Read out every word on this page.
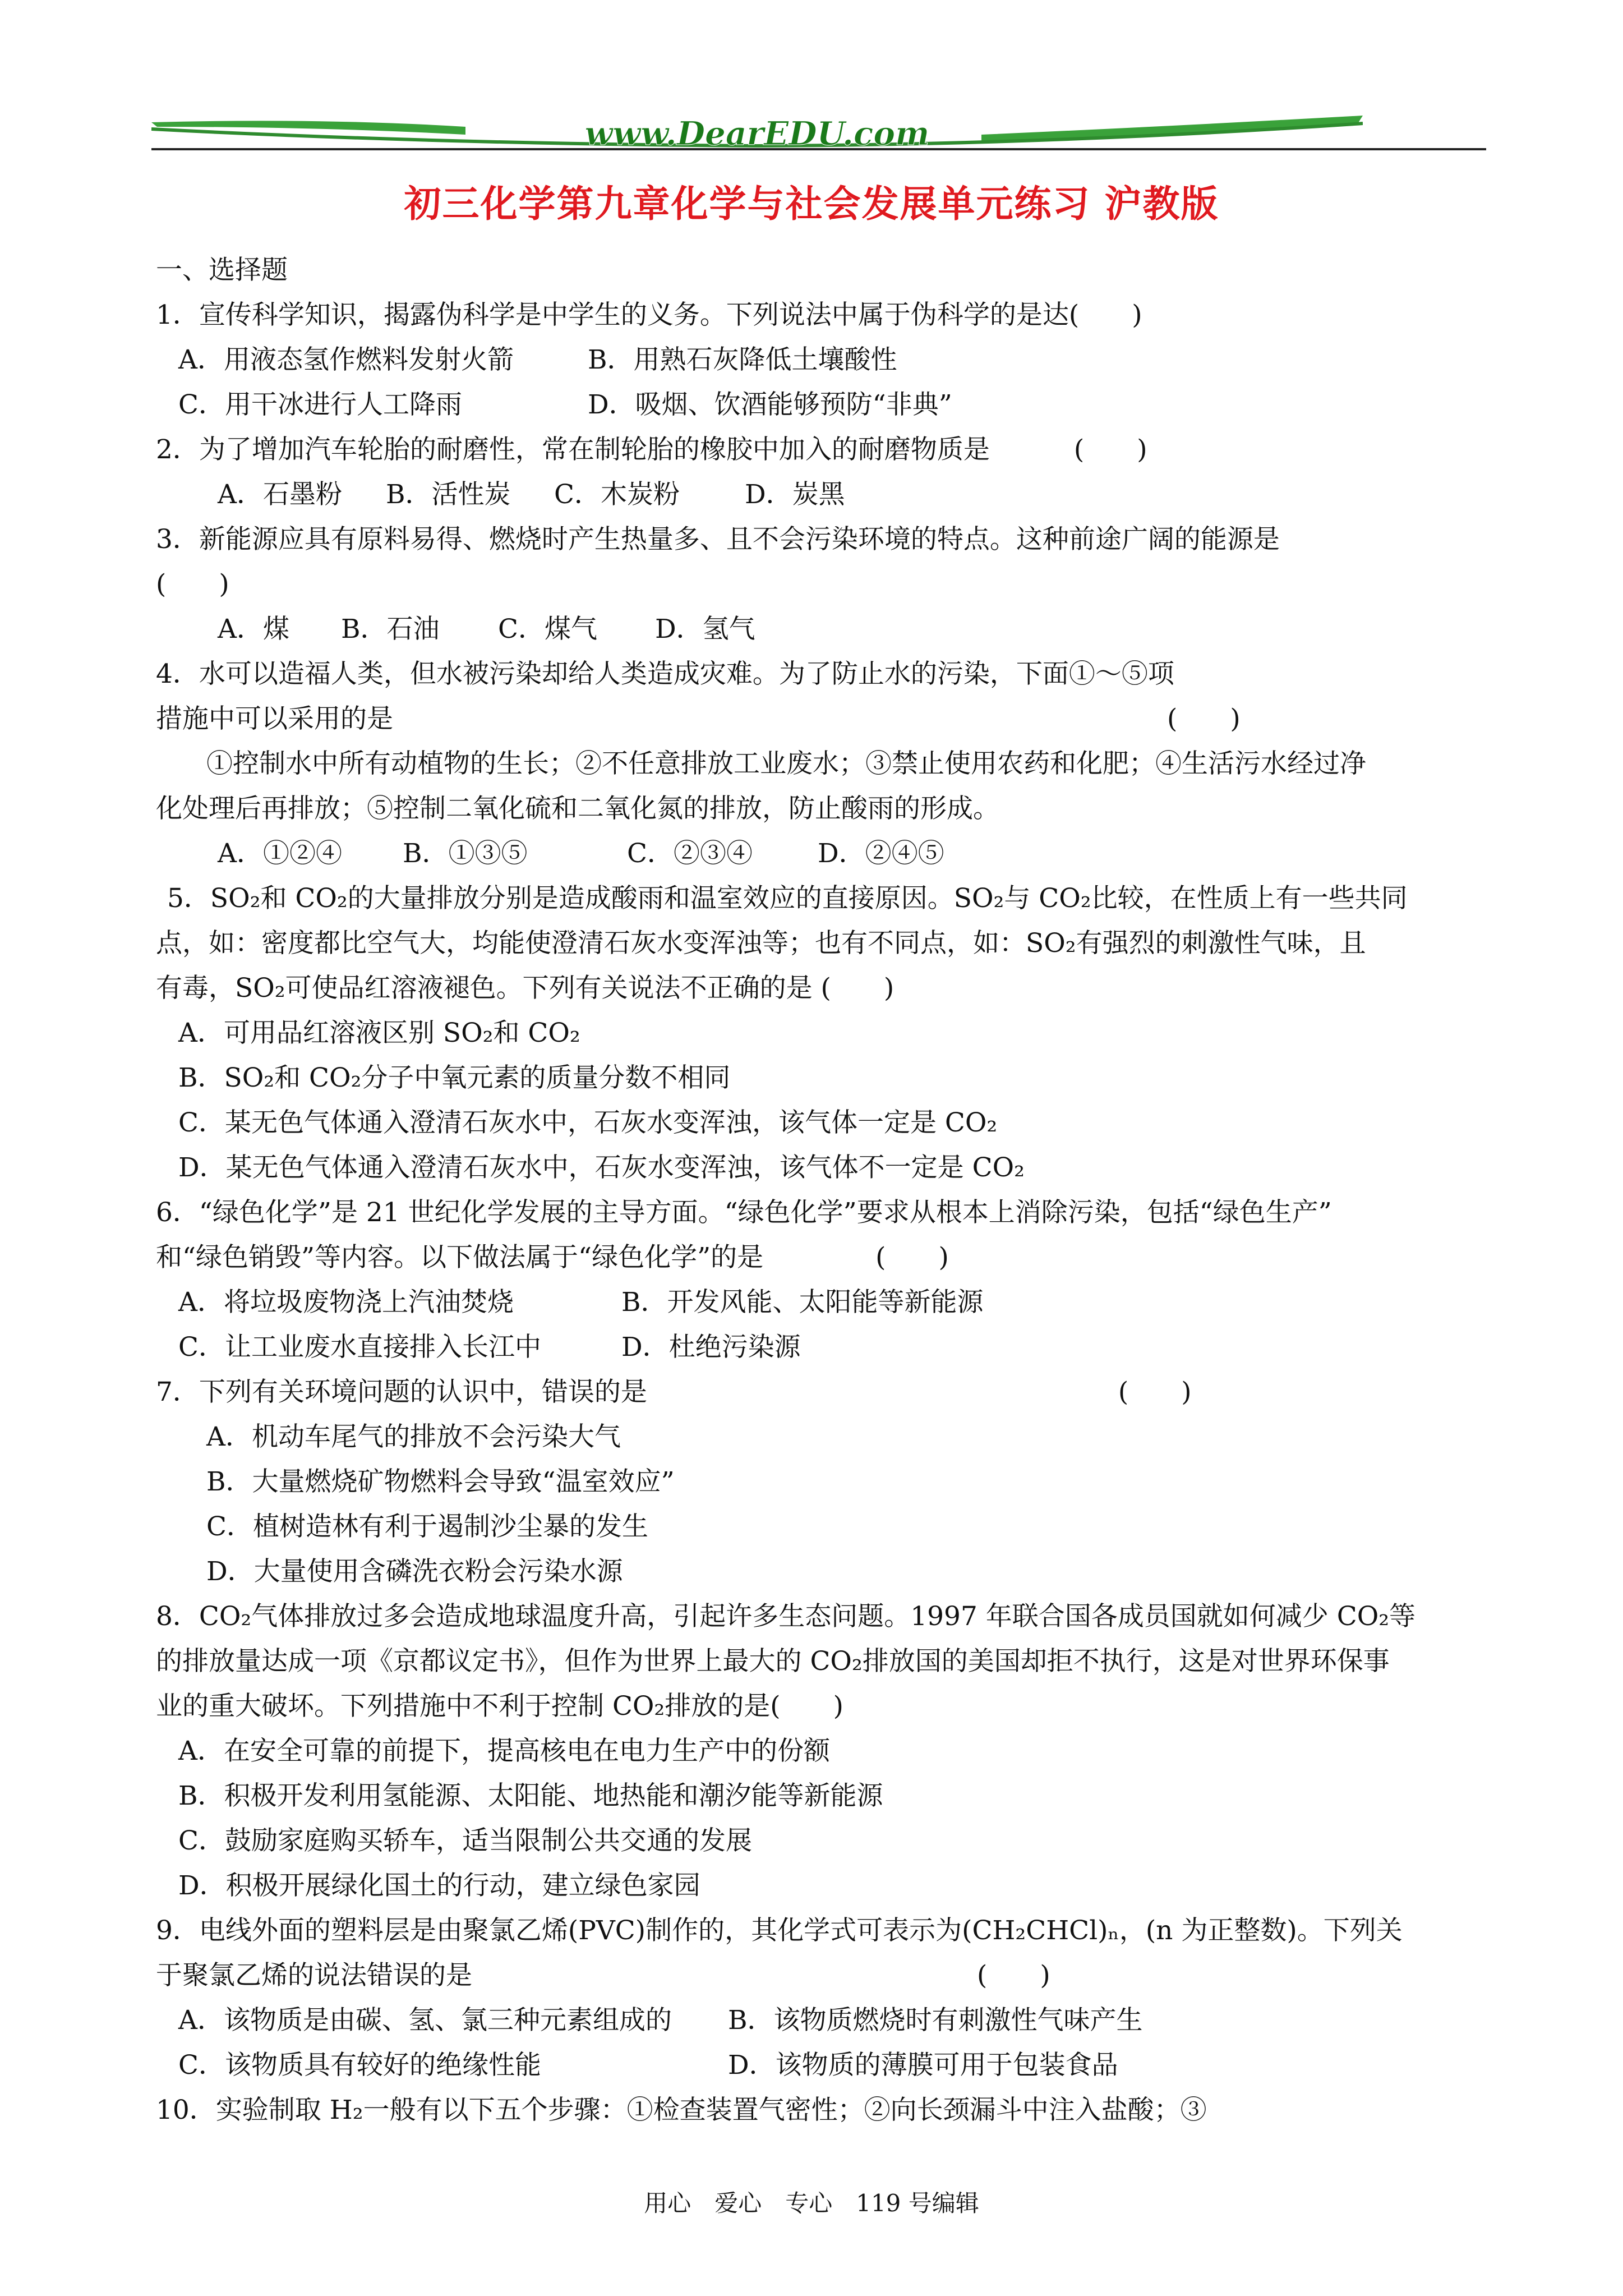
www.DearEDU.com
初三化学第九章化学与社会发展单元练习 沪教版
一、选择题
1．宣传科学知识，揭露伪科学是中学生的义务。下列说法中属于伪科学的是达(　　)
A．用液态氢作燃料发射火箭	B．用熟石灰降低土壤酸性
C．用干冰进行人工降雨	D．吸烟、饮酒能够预防“非典”
2．为了增加汽车轮胎的耐磨性，常在制轮胎的橡胶中加入的耐磨物质是	(　　)
A．石墨粉	B．活性炭	C．木炭粉	D．炭黑
3．新能源应具有原料易得、燃烧时产生热量多、且不会污染环境的特点。这种前途广阔的能源是
(　　)
A．煤	B．石油	C．煤气	D．氢气
4．水可以造福人类，但水被污染却给人类造成灾难。为了防止水的污染，下面①～⑤项
措施中可以采用的是	(　　)
①控制水中所有动植物的生长；②不任意排放工业废水；③禁止使用农药和化肥；④生活污水经过净
化处理后再排放；⑤控制二氧化硫和二氧化氮的排放，防止酸雨的形成。
A．①②④	B．①③⑤	C．②③④	D．②④⑤
5．SO₂和 CO₂的大量排放分别是造成酸雨和温室效应的直接原因。SO₂与 CO₂比较，在性质上有一些共同
点，如：密度都比空气大，均能使澄清石灰水变浑浊等；也有不同点，如：SO₂有强烈的刺激性气味，且
有毒，SO₂可使品红溶液褪色。下列有关说法不正确的是 (　　)
A．可用品红溶液区别 SO₂和 CO₂
B．SO₂和 CO₂分子中氧元素的质量分数不相同
C．某无色气体通入澄清石灰水中，石灰水变浑浊，该气体一定是 CO₂
D．某无色气体通入澄清石灰水中，石灰水变浑浊，该气体不一定是 CO₂
6．“绿色化学”是 21 世纪化学发展的主导方面。“绿色化学”要求从根本上消除污染，包括“绿色生产”
和“绿色销毁”等内容。以下做法属于“绿色化学”的是	(　　)
A．将垃圾废物浇上汽油焚烧	B．开发风能、太阳能等新能源
C．让工业废水直接排入长江中	D．杜绝污染源
7．下列有关环境问题的认识中，错误的是	(　　)
A．机动车尾气的排放不会污染大气
B．大量燃烧矿物燃料会导致“温室效应”
C．植树造林有利于遏制沙尘暴的发生
D．大量使用含磷洗衣粉会污染水源
8．CO₂气体排放过多会造成地球温度升高，引起许多生态问题。1997 年联合国各成员国就如何减少 CO₂等
的排放量达成一项《京都议定书》，但作为世界上最大的 CO₂排放国的美国却拒不执行，这是对世界环保事
业的重大破坏。下列措施中不利于控制 CO₂排放的是(　　)
A．在安全可靠的前提下，提高核电在电力生产中的份额
B．积极开发利用氢能源、太阳能、地热能和潮汐能等新能源
C．鼓励家庭购买轿车，适当限制公共交通的发展
D．积极开展绿化国土的行动，建立绿色家园
9．电线外面的塑料层是由聚氯乙烯(PVC)制作的，其化学式可表示为(CH₂CHCl)ₙ，(n 为正整数)。下列关
于聚氯乙烯的说法错误的是	(　　)
A．该物质是由碳、氢、氯三种元素组成的	B．该物质燃烧时有刺激性气味产生
C．该物质具有较好的绝缘性能	D．该物质的薄膜可用于包装食品
10．实验制取 H₂一般有以下五个步骤：①检查装置气密性；②向长颈漏斗中注入盐酸；③
用心　爱心　专心　119 号编辑
